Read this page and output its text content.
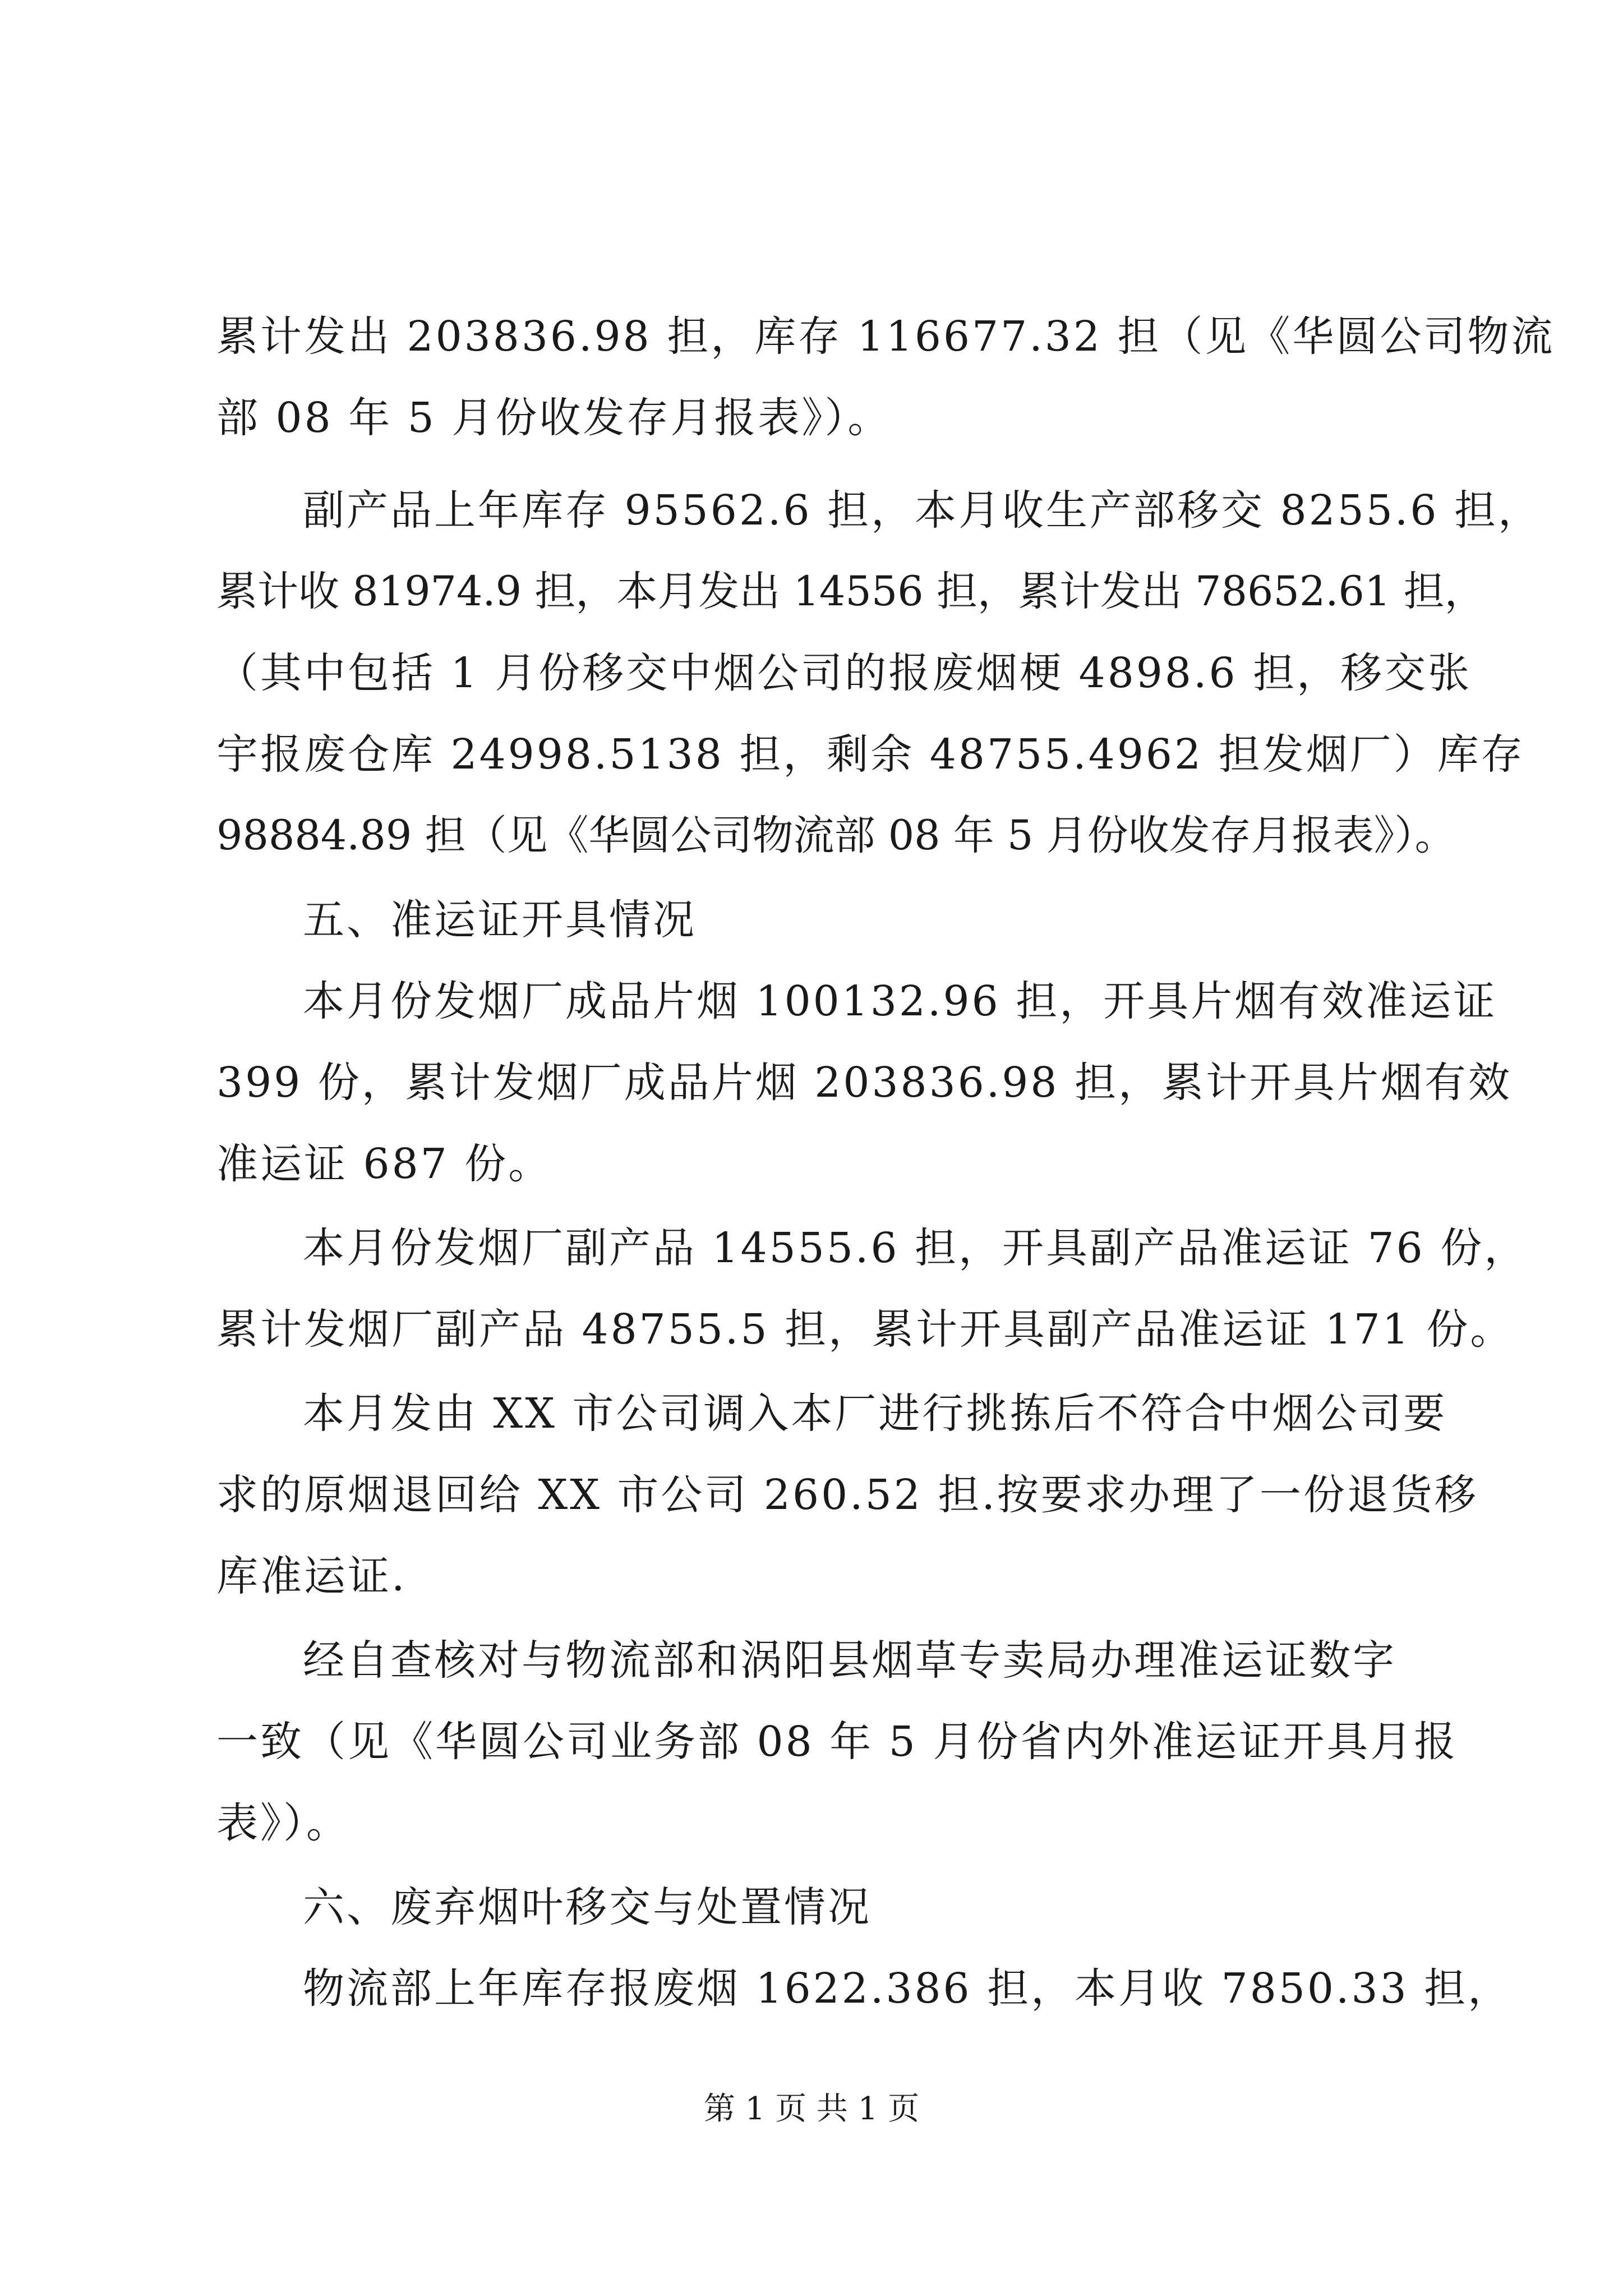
累计发出 203836.98 担，库存 116677.32 担（见《华圆公司物流
部 08 年 5 月份收发存月报表》）。
副产品上年库存 95562.6 担，本月收生产部移交 8255.6 担，
累计收 81974.9 担，本月发出 14556 担，累计发出 78652.61 担，
（其中包括 1 月份移交中烟公司的报废烟梗 4898.6 担，移交张
宇报废仓库 24998.5138 担，剩余 48755.4962 担发烟厂）库存
98884.89 担（见《华圆公司物流部 08 年 5 月份收发存月报表》）。
五、准运证开具情况
本月份发烟厂成品片烟 100132.96 担，开具片烟有效准运证
399 份，累计发烟厂成品片烟 203836.98 担，累计开具片烟有效
准运证 687 份。
本月份发烟厂副产品 14555.6 担，开具副产品准运证 76 份，
累计发烟厂副产品 48755.5 担，累计开具副产品准运证 171 份。
本月发由 XX 市公司调入本厂进行挑拣后不符合中烟公司要
求的原烟退回给 XX 市公司 260.52 担.按要求办理了一份退货移
库准运证.
经自查核对与物流部和涡阳县烟草专卖局办理准运证数字
一致（见《华圆公司业务部 08 年 5 月份省内外准运证开具月报
表》）。
六、废弃烟叶移交与处置情况
物流部上年库存报废烟 1622.386 担，本月收 7850.33 担，
第 1 页 共 1 页
